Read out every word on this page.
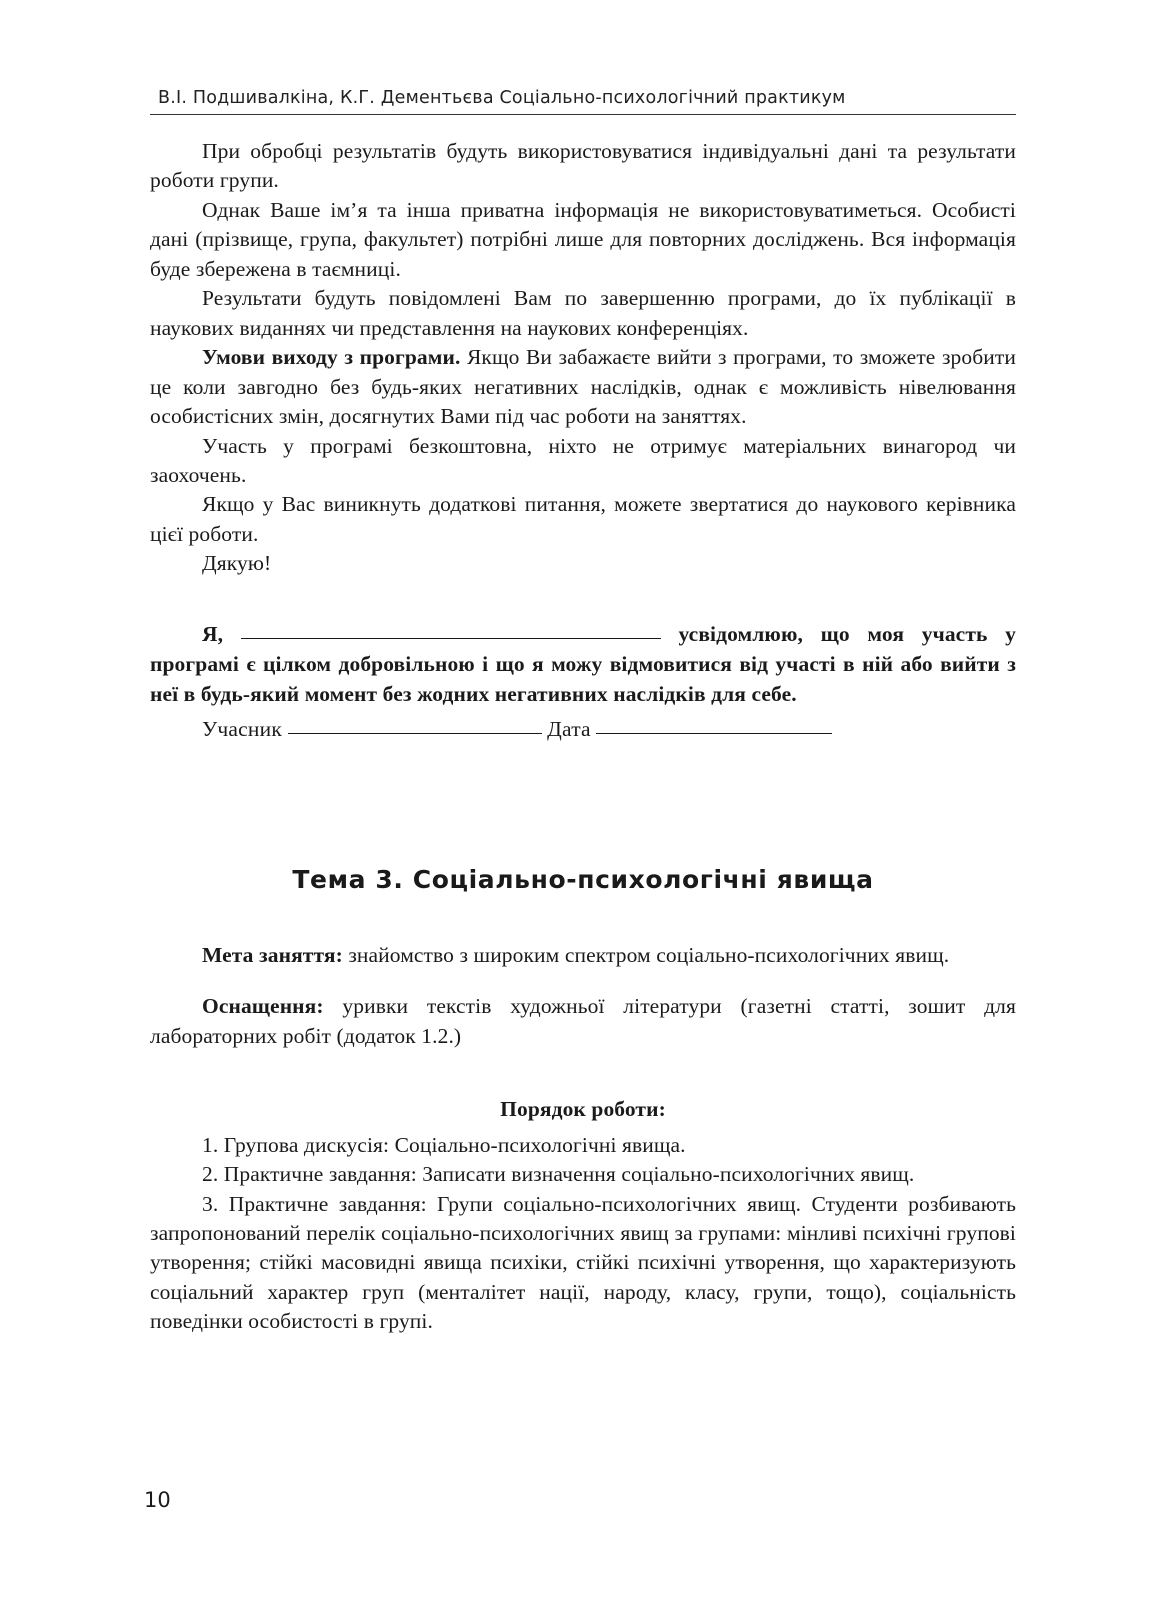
В.І. Подшивалкіна, К.Г. Дементьєва Соціально-психологічний практикум

При обробці результатів будуть використовуватися індивідуальні дані та результати роботи групи.

Однак Ваше ім’я та інша приватна інформація не використовуватиметься. Особисті дані (прізвище, група, факультет) потрібні лише для повторних досліджень. Вся інформація буде збережена в таємниці.

Результати будуть повідомлені Вам по завершенню програми, до їх публікації в наукових виданнях чи представлення на наукових конференціях.

Умови виходу з програми. Якщо Ви забажаєте вийти з програми, то зможете зробити це коли завгодно без будь-яких негативних наслідків, однак є можливість нівелювання особистісних змін, досягнутих Вами під час роботи на заняттях.

Участь у програмі безкоштовна, ніхто не отримує матеріальних винагород чи заохочень.

Якщо у Вас виникнуть додаткові питання, можете звертатися до наукового керівника цієї роботи.

Дякую!

Я,	усвідомлюю, що моя участь у програмі є цілком добровільною і що я можу відмовитися від участі в ній або вийти з неї в будь-який момент без жодних негативних наслідків для себе.
Учасник	Дата
Тема 3. Соціально-психологічні явища

Мета заняття: знайомство з широким спектром соціально-психологічних явищ.

Оснащення: уривки текстів художньої літератури (газетні статті, зошит для лабораторних робіт (додаток 1.2.)

Порядок роботи:

1. Групова дискусія: Соціально-психологічні явища.

2. Практичне завдання: Записати визначення соціально-психологічних явищ.

3. Практичне завдання: Групи соціально-психологічних явищ. Студенти розбивають запропонований перелік соціально-психологічних явищ за групами: мінливі психічні групові утворення; стійкі масовидні явища психіки, стійкі психічні утворення, що характеризують соціальний характер груп (менталітет нації, народу, класу, групи, тощо), соціальність поведінки особистості в групі.

10
